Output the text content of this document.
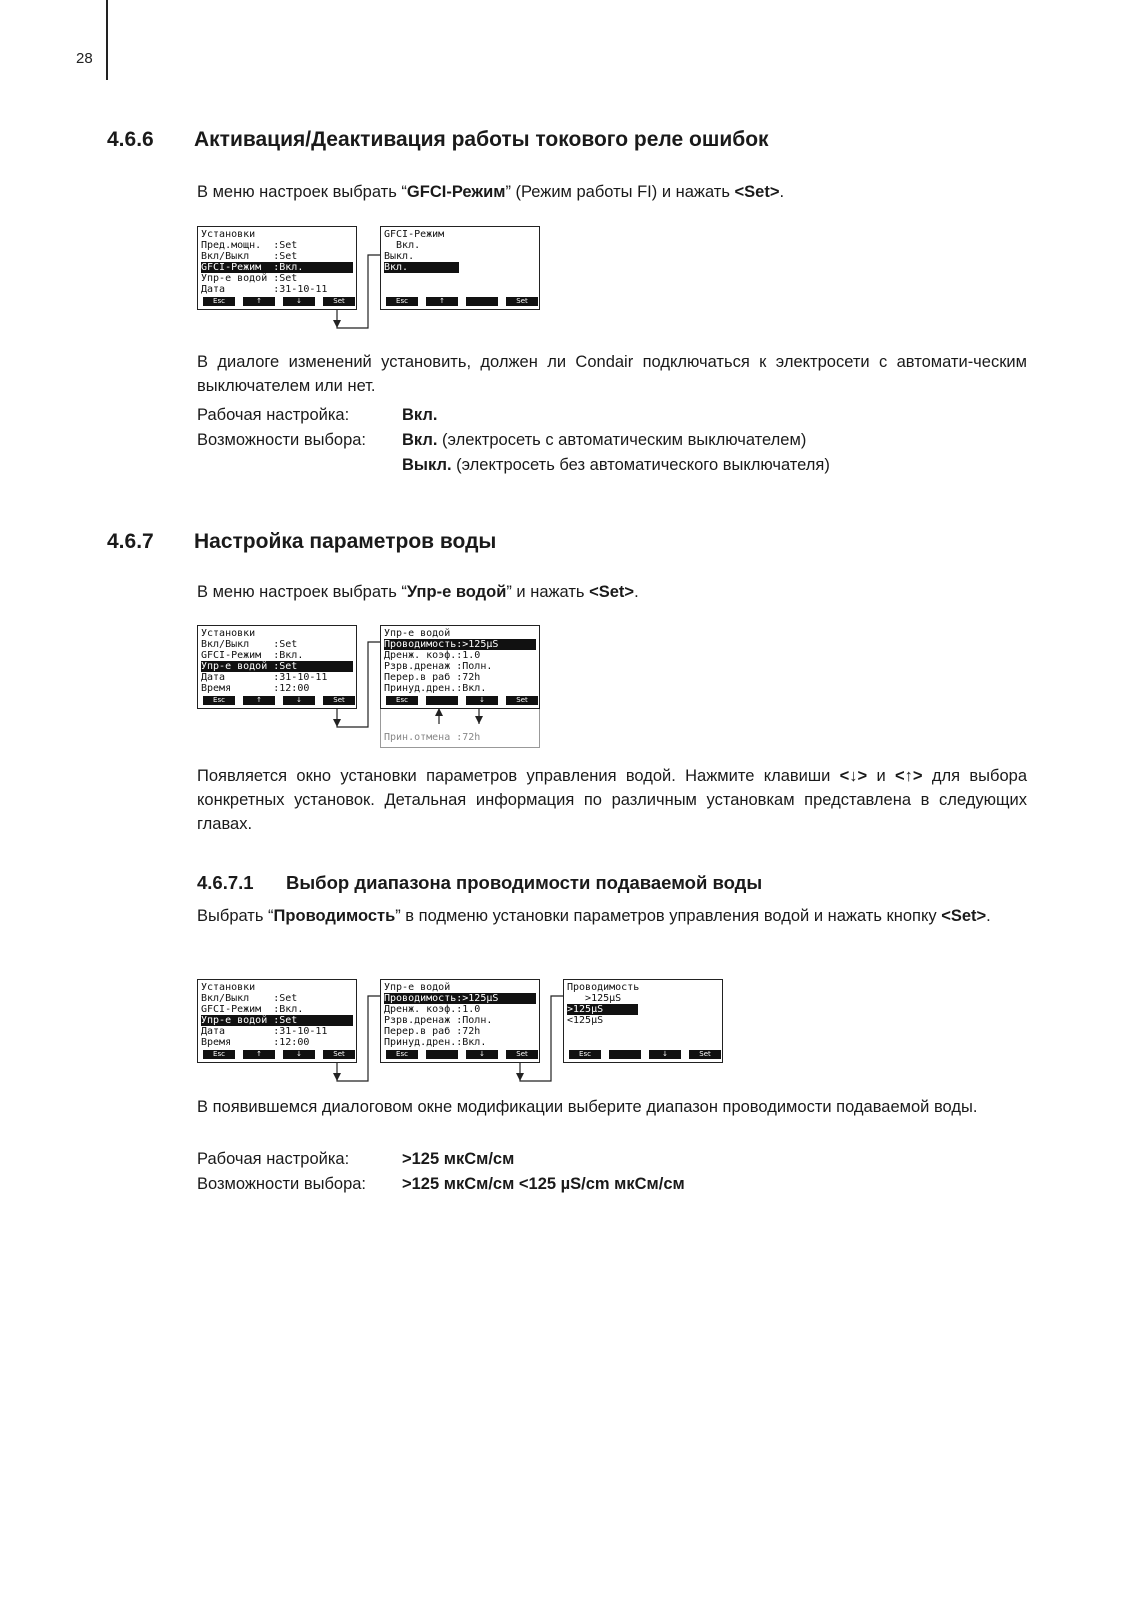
28
4.6.6 Активация/Деактивация работы токового реле ошибок
В меню настроек выбрать “GFCI-Режим” (Режим работы FI) и нажать <Set>.
Установки
Пред.мощн.  :Set
Вкл/Выкл    :Set
GFCI-Режим  :Вкл.
Упр-е водой :Set
Дата        :31-10-11
Esc	↑	↓	Set
GFCI-Режим
Вкл.
Выкл.
Вкл.
Esc	↑	Set
В диалоге изменений установить, должен ли Condair подключаться к электросети с автомати-ческим выключателем или нет.
Рабочая настройка:	Вкл.
Возможности выбора: Вкл. (электросеть с автоматическим выключателем)
Выкл. (электросеть без автоматического выключателя)
4.6.7 Настройка параметров воды
В меню настроек выбрать “Упр-е водой” и нажать <Set>.
Установки
Вкл/Выкл    :Set
GFCI-Режим  :Вкл.
Упр-е водой :Set
Дата        :31-10-11
Время       :12:00
Esc	↑	↓	Set
Упр-е водой
Проводимость:>125µS
Дренж. коэф.:1.0
Рзрв.дренаж :Полн.
Перер.в раб :72h
Принуд.дрен.:Вкл.
Esc	↓	Set
Прин.отмена :72h
Появляется окно установки параметров управления водой. Нажмите клавиши <↓> и <↑> для выбора конкретных установок. Детальная информация по различным установкам представлена в следующих главах.
4.6.7.1 Выбор диапазона проводимости подаваемой воды
Выбрать “Проводимость” в подменю установки параметров управления водой и нажать кнопку <Set>.
Установки
Вкл/Выкл    :Set
GFCI-Режим  :Вкл.
Упр-е водой :Set
Дата        :31-10-11
Время       :12:00
Esc	↑	↓	Set
Упр-е водой
Проводимость:>125µS
Дренж. коэф.:1.0
Рзрв.дренаж :Полн.
Перер.в раб :72h
Принуд.дрен.:Вкл.
Esc	↓	Set
Проводимость
>125µS
>125µS
<125µS
Esc	↓	Set
В появившемся диалоговом окне модификации выберите диапазон проводимости подаваемой воды.
Рабочая настройка:	>125 мкСм/см
Возможности выбора: >125 мкСм/см <125 µS/cm мкСм/см
